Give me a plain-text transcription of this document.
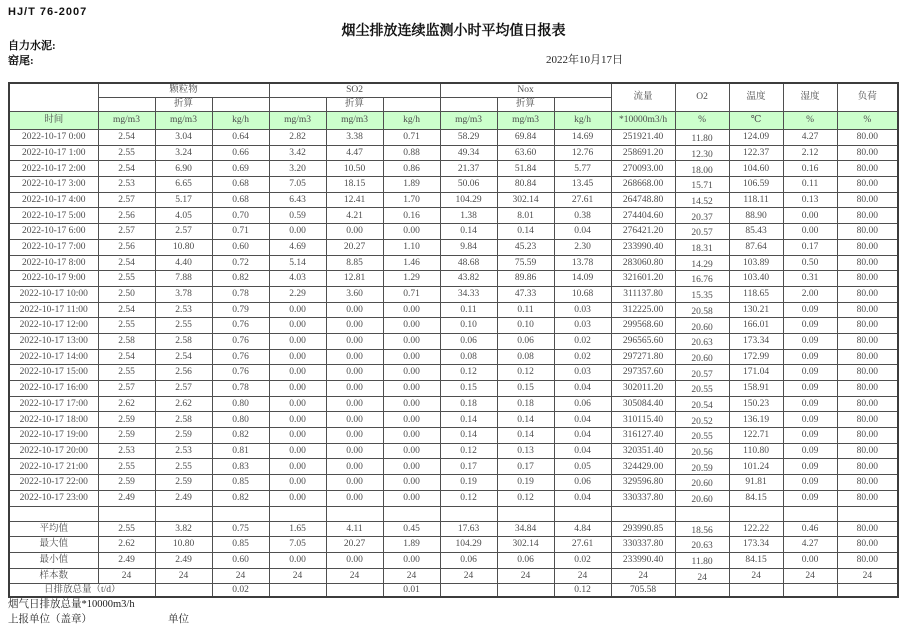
HJ/T 76-2007
烟尘排放连续监测小时平均值日报表
自力水泥:
窑尾:	2022年10月17日
	颗粒物			SO2			Nox			流量	O2	温度	湿度	负荷
		折算			折算			折算						
时间	mg/m3	mg/m3	kg/h	mg/m3	mg/m3	kg/h	mg/m3	mg/m3	kg/h	*10000m3/h	%	℃	%	%
2022-10-17 0:00	2.54	3.04	0.64	2.82	3.38	0.71	58.29	69.84	14.69	251921.40	11.80	124.09	4.27	80.00
2022-10-17 1:00	2.55	3.24	0.66	3.42	4.47	0.88	49.34	63.60	12.76	258691.20	12.30	122.37	2.12	80.00
2022-10-17 2:00	2.54	6.90	0.69	3.20	10.50	0.86	21.37	51.84	5.77	270093.00	18.00	104.60	0.16	80.00
2022-10-17 3:00	2.53	6.65	0.68	7.05	18.15	1.89	50.06	80.84	13.45	268668.00	15.71	106.59	0.11	80.00
2022-10-17 4:00	2.57	5.17	0.68	6.43	12.41	1.70	104.29	302.14	27.61	264748.80	14.52	118.11	0.13	80.00
2022-10-17 5:00	2.56	4.05	0.70	0.59	4.21	0.16	1.38	8.01	0.38	274404.60	20.37	88.90	0.00	80.00
2022-10-17 6:00	2.57	2.57	0.71	0.00	0.00	0.00	0.14	0.14	0.04	276421.20	20.57	85.43	0.00	80.00
2022-10-17 7:00	2.56	10.80	0.60	4.69	20.27	1.10	9.84	45.23	2.30	233990.40	18.31	87.64	0.17	80.00
2022-10-17 8:00	2.54	4.40	0.72	5.14	8.85	1.46	48.68	75.59	13.78	283060.80	14.29	103.89	0.50	80.00
2022-10-17 9:00	2.55	7.88	0.82	4.03	12.81	1.29	43.82	89.86	14.09	321601.20	16.76	103.40	0.31	80.00
2022-10-17 10:00	2.50	3.78	0.78	2.29	3.60	0.71	34.33	47.33	10.68	311137.80	15.35	118.65	2.00	80.00
2022-10-17 11:00	2.54	2.53	0.79	0.00	0.00	0.00	0.11	0.11	0.03	312225.00	20.58	130.21	0.09	80.00
2022-10-17 12:00	2.55	2.55	0.76	0.00	0.00	0.00	0.10	0.10	0.03	299568.60	20.60	166.01	0.09	80.00
2022-10-17 13:00	2.58	2.58	0.76	0.00	0.00	0.00	0.06	0.06	0.02	296565.60	20.63	173.34	0.09	80.00
2022-10-17 14:00	2.54	2.54	0.76	0.00	0.00	0.00	0.08	0.08	0.02	297271.80	20.60	172.99	0.09	80.00
2022-10-17 15:00	2.55	2.56	0.76	0.00	0.00	0.00	0.12	0.12	0.03	297357.60	20.57	171.04	0.09	80.00
2022-10-17 16:00	2.57	2.57	0.78	0.00	0.00	0.00	0.15	0.15	0.04	302011.20	20.55	158.91	0.09	80.00
2022-10-17 17:00	2.62	2.62	0.80	0.00	0.00	0.00	0.18	0.18	0.06	305084.40	20.54	150.23	0.09	80.00
2022-10-17 18:00	2.59	2.58	0.80	0.00	0.00	0.00	0.14	0.14	0.04	310115.40	20.52	136.19	0.09	80.00
2022-10-17 19:00	2.59	2.59	0.82	0.00	0.00	0.00	0.14	0.14	0.04	316127.40	20.55	122.71	0.09	80.00
2022-10-17 20:00	2.53	2.53	0.81	0.00	0.00	0.00	0.12	0.13	0.04	320351.40	20.56	110.80	0.09	80.00
2022-10-17 21:00	2.55	2.55	0.83	0.00	0.00	0.00	0.17	0.17	0.05	324429.00	20.59	101.24	0.09	80.00
2022-10-17 22:00	2.59	2.59	0.85	0.00	0.00	0.00	0.19	0.19	0.06	329596.80	20.60	91.81	0.09	80.00
2022-10-17 23:00	2.49	2.49	0.82	0.00	0.00	0.00	0.12	0.12	0.04	330337.80	20.60	84.15	0.09	80.00

平均值	2.55	3.82	0.75	1.65	4.11	0.45	17.63	34.84	4.84	293990.85	18.56	122.22	0.46	80.00
最大值	2.62	10.80	0.85	7.05	20.27	1.89	104.29	302.14	27.61	330337.80	20.63	173.34	4.27	80.00
最小值	2.49	2.49	0.60	0.00	0.00	0.00	0.06	0.06	0.02	233990.40	11.80	84.15	0.00	80.00
样本数	24	24	24	24	24	24	24	24	24	24	24	24	24	24
日排放总量（t/d）			0.02			0.01			0.12	705.58				
烟气日排放总量*10000m3/h
上报单位（盖章）	单位
